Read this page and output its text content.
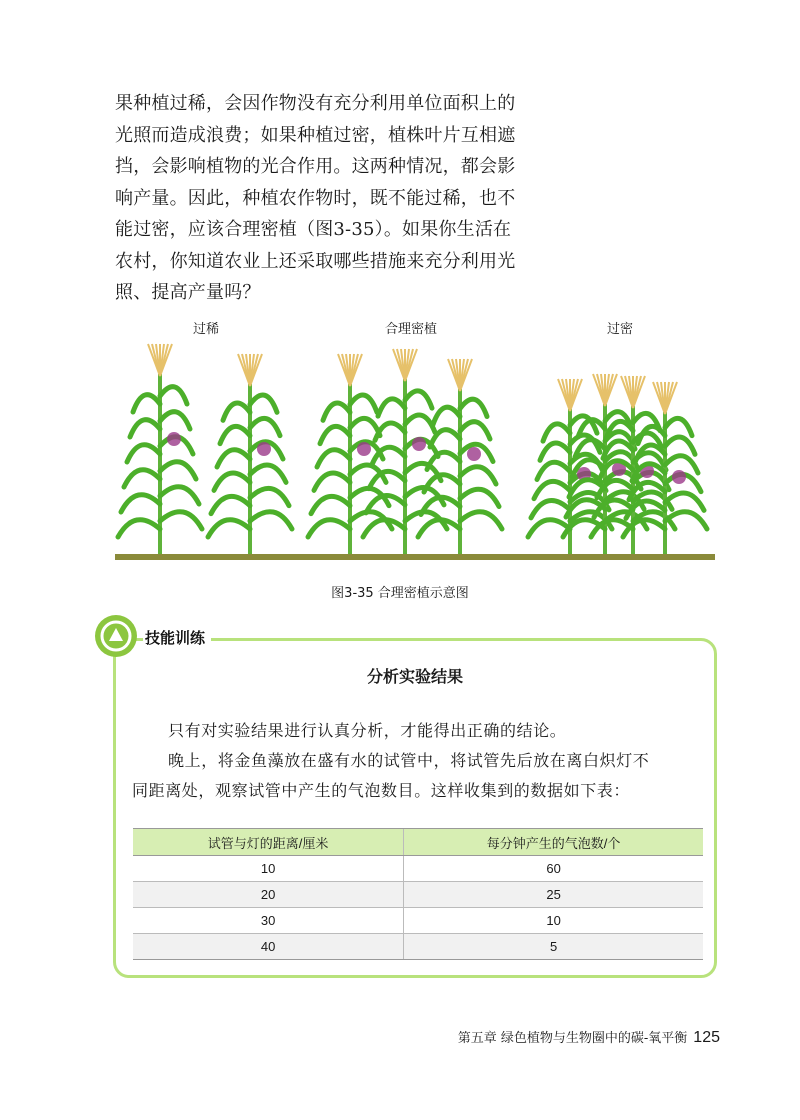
果种植过稀，会因作物没有充分利用单位面积上的
光照而造成浪费；如果种植过密，植株叶片互相遮
挡，会影响植物的光合作用。这两种情况，都会影
响产量。因此，种植农作物时，既不能过稀，也不
能过密，应该合理密植（图3-35）。如果你生活在
农村，你知道农业上还采取哪些措施来充分利用光
照、提高产量吗？
过稀	合理密植	过密
图3-35 合理密植示意图
技能训练
分析实验结果
只有对实验结果进行认真分析，才能得出正确的结论。
晚上，将金鱼藻放在盛有水的试管中，将试管先后放在离白炽灯不
同距离处，观察试管中产生的气泡数目。这样收集到的数据如下表：
试管与灯的距离/厘米	每分钟产生的气泡数/个
10	60
20	25
30	10
40	5
第五章 绿色植物与生物圈中的碳-氧平衡 125
